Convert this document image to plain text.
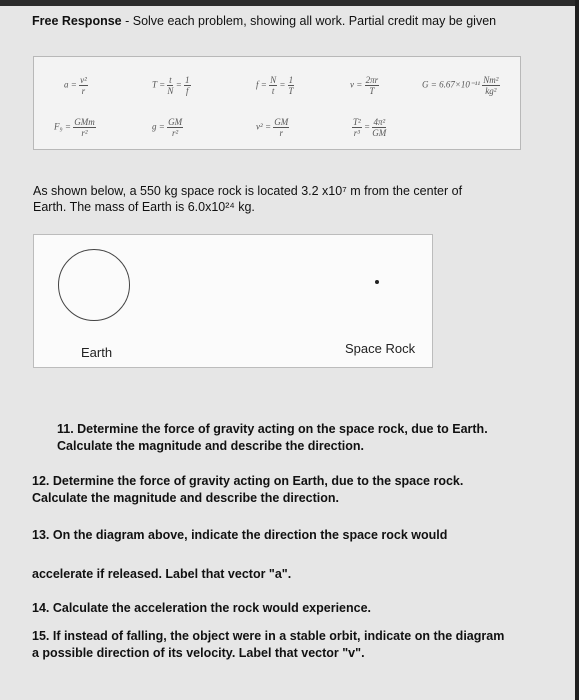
Free Response - Solve each problem, showing all work. Partial credit may be given
$a = \frac{\text{v²}}{r}$	$T = \frac{t}{N} = \frac{1}{f}$	$f = \frac{N}{t} = \frac{1}{T}$	$v = \frac{2\pi r}{T}$	$G = 6.67\times 10^{-11} \frac{\text{Nm²}}{\text{kg²}}$
$F_9 = \frac{\text{GMm}}{\text{r²}}$	$g = \frac{GM}{\text{r²}}$	$v^2 = \frac{GM}{r}$	$\frac{\text{T²}}{\text{r³}} = \frac{\text{4π²}}{GM}$
As shown below, a 550 kg space rock is located 3.2 x10⁷ m from the center of
Earth. The mass of Earth is 6.0x10²⁴ kg.
Earth	Space Rock
11. Determine the force of gravity acting on the space rock, due to Earth.
Calculate the magnitude and describe the direction.
12. Determine the force of gravity acting on Earth, due to the space rock.
Calculate the magnitude and describe the direction.
13. On the diagram above, indicate the direction the space rock would
accelerate if released. Label that vector "a".
14. Calculate the acceleration the rock would experience.
15. If instead of falling, the object were in a stable orbit, indicate on the diagram
a possible direction of its velocity. Label that vector "v".
